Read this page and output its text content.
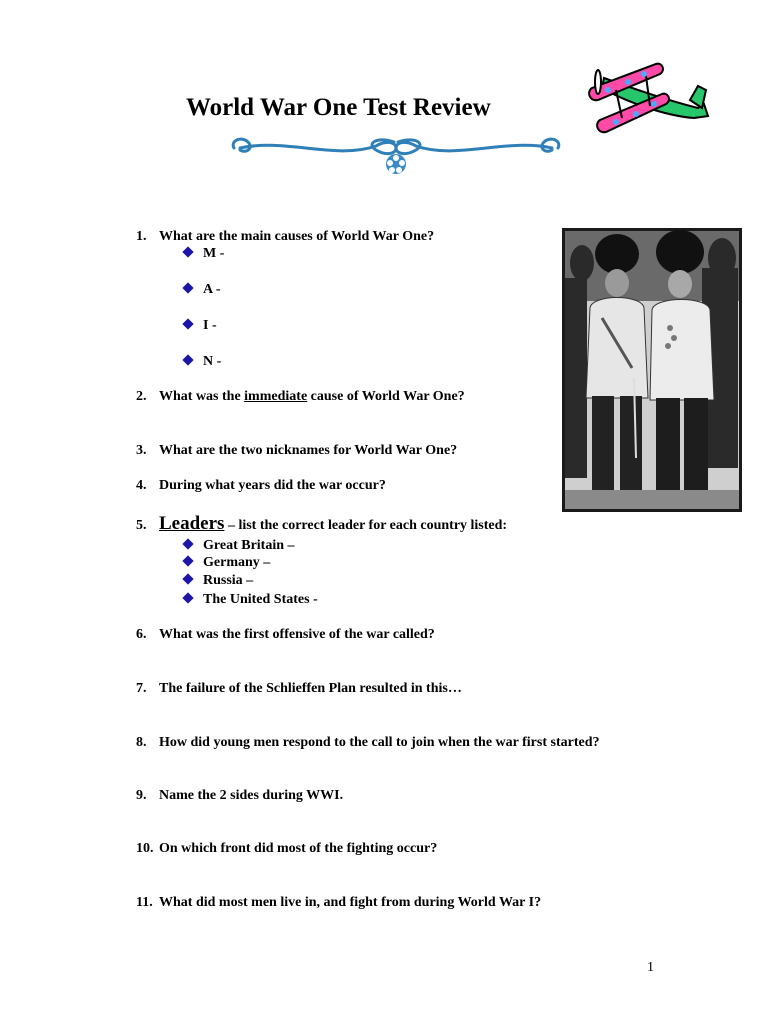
World War One Test Review
1. What are the main causes of World War One?
M -
A -
I -
N -
2. What was the immediate cause of World War One?
3. What are the two nicknames for World War One?
4. During what years did the war occur?
5. Leaders – list the correct leader for each country listed:
Great Britain –
Germany –
Russia –
The United States -
6. What was the first offensive of the war called?
7. The failure of the Schlieffen Plan resulted in this…
8. How did young men respond to the call to join when the war first started?
9. Name the 2 sides during WWI.
10. On which front did most of the fighting occur?
11. What did most men live in, and fight from during World War I?
1
